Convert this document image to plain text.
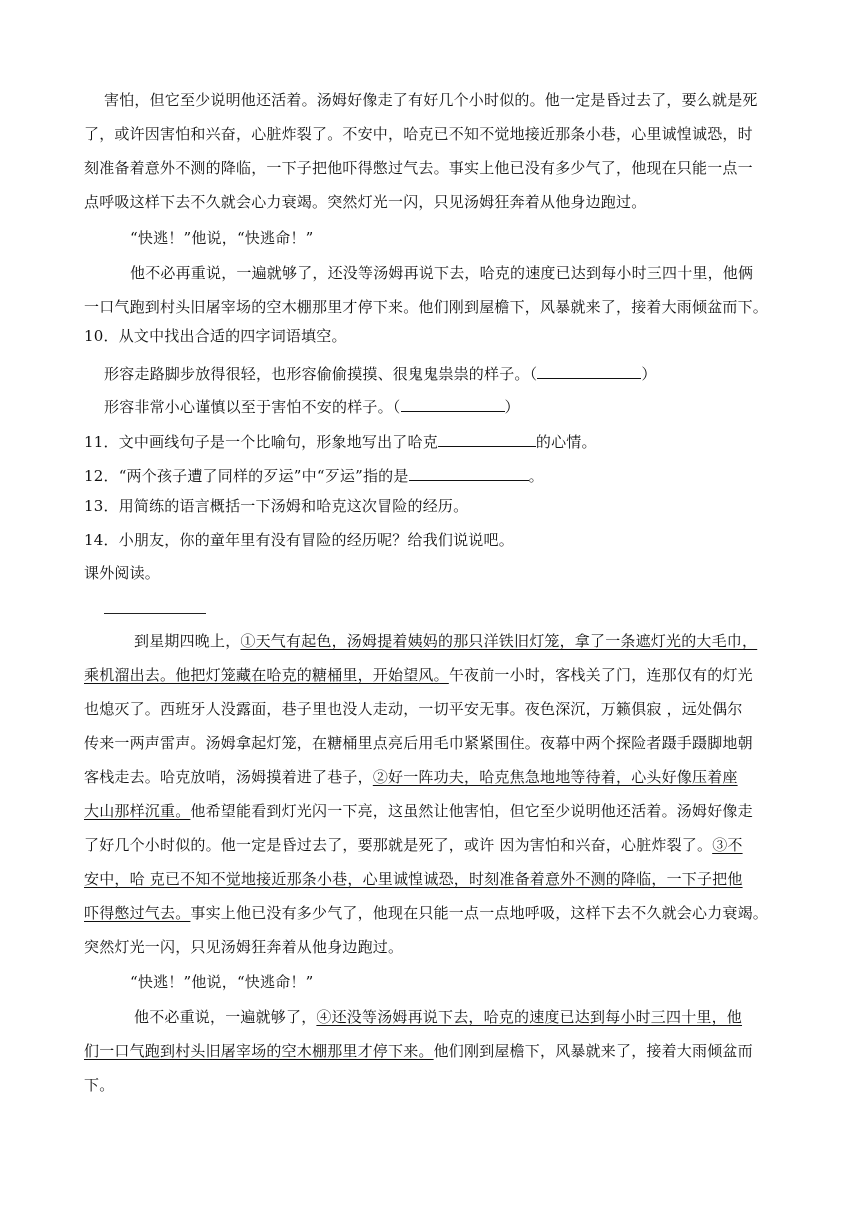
害怕，但它至少说明他还活着。汤姆好像走了有好几个小时似的。他一定是昏过去了，要么就是死
了，或许因害怕和兴奋，心脏炸裂了。不安中，哈克已不知不觉地接近那条小巷，心里诚惶诚恐，时
刻准备着意外不测的降临，一下子把他吓得憋过气去。事实上他已没有多少气了，他现在只能一点一
点呼吸这样下去不久就会心力衰竭。突然灯光一闪，只见汤姆狂奔着从他身边跑过。
“快逃！”他说，“快逃命！”
他不必再重说，一遍就够了，还没等汤姆再说下去，哈克的速度已达到每小时三四十里，他俩
一口气跑到村头旧屠宰场的空木棚那里才停下来。他们刚到屋檐下，风暴就来了，接着大雨倾盆而下。
10．从文中找出合适的四字词语填空。
形容走路脚步放得很轻，也形容偷偷摸摸、很鬼鬼祟祟的样子。（	）
形容非常小心谨慎以至于害怕不安的样子。（	）
11．文中画线句子是一个比喻句，形象地写出了哈克	的心情。
12．“两个孩子遭了同样的歹运”中“歹运”指的是	。
13．用简练的语言概括一下汤姆和哈克这次冒险的经历。
14．小朋友，你的童年里有没有冒险的经历呢？给我们说说吧。
课外阅读。
到星期四晚上，①天气有起色，汤姆提着姨妈的那只洋铁旧灯笼，拿了一条遮灯光的大毛巾，
乘机溜出去。他把灯笼藏在哈克的糖桶里，开始望风。午夜前一小时，客栈关了门，连那仅有的灯光
也熄灭了。西班牙人没露面，巷子里也没人走动，一切平安无事。夜色深沉，万籁俱寂 ，远处偶尔
传来一两声雷声。汤姆拿起灯笼，在糖桶里点亮后用毛巾紧紧围住。夜幕中两个探险者蹑手蹑脚地朝
客栈走去。哈克放哨，汤姆摸着进了巷子，②好一阵功夫，哈克焦急地地等待着，心头好像压着座
大山那样沉重。他希望能看到灯光闪一下亮，这虽然让他害怕，但它至少说明他还活着。汤姆好像走
了好几个小时似的。他一定是昏过去了，要那就是死了，或许 因为害怕和兴奋，心脏炸裂了。③不
安中，哈 克已不知不觉地接近那条小巷，心里诚惶诚恐，时刻准备着意外不测的降临，一下子把他
吓得憋过气去。事实上他已没有多少气了，他现在只能一点一点地呼吸，这样下去不久就会心力衰竭。
突然灯光一闪，只见汤姆狂奔着从他身边跑过。
“快逃！”他说，“快逃命！”
他不必重说，一遍就够了，④还没等汤姆再说下去，哈克的速度已达到每小时三四十里，他
们一口气跑到村头旧屠宰场的空木棚那里才停下来。他们刚到屋檐下，风暴就来了，接着大雨倾盆而
下。
